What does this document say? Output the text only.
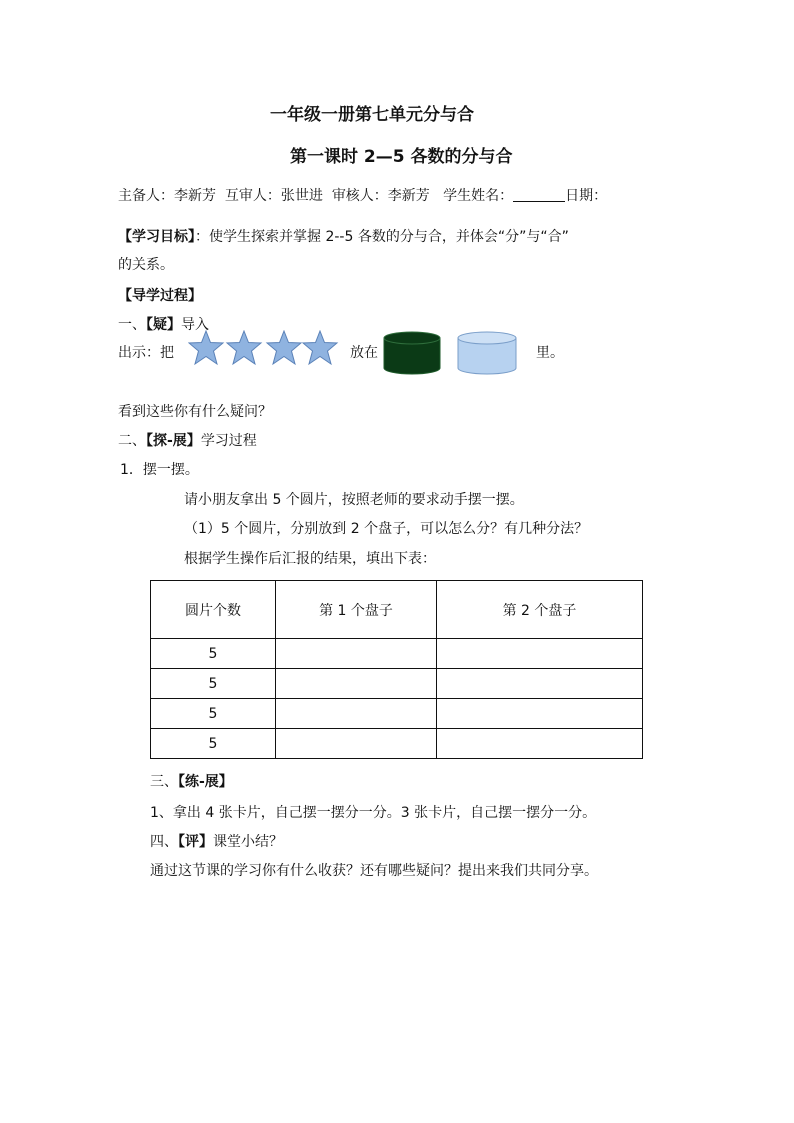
一年级一册第七单元分与合
第一课时 2—5 各数的分与合
主备人：李新芳 互审人：张世进 审核人：李新芳 学生姓名：	日期：
【学习目标】：使学生探索并掌握 2--5 各数的分与合，并体会“分”与“合”
的关系。
【导学过程】
一、【疑】导入
出示：把	放在	里。
看到这些你有什么疑问？
二、【探-展】学习过程
1．摆一摆。
请小朋友拿出 5 个圆片，按照老师的要求动手摆一摆。
（1）5 个圆片，分别放到 2 个盘子，可以怎么分？有几种分法？
根据学生操作后汇报的结果，填出下表：
圆片个数	第 1 个盘子	第 2 个盘子
5		
5		
5		
5		
三、【练-展】
1、拿出 4 张卡片，自己摆一摆分一分。3 张卡片，自己摆一摆分一分。
四、【评】课堂小结？
通过这节课的学习你有什么收获？还有哪些疑问？提出来我们共同分享。
